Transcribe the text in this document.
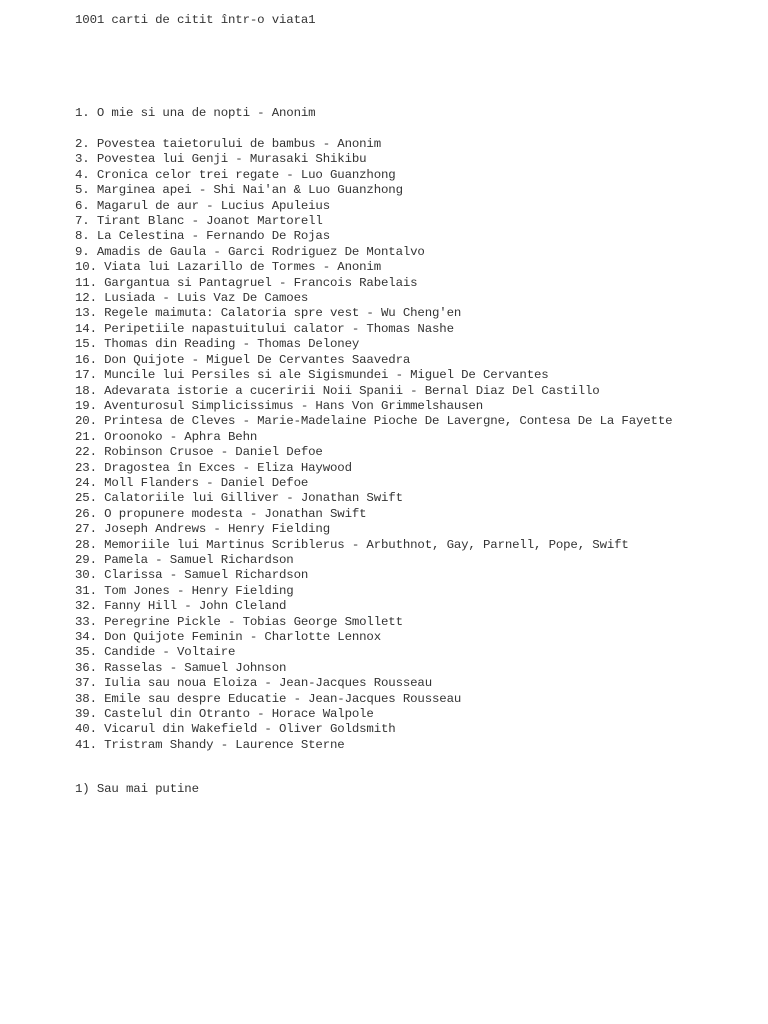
1001 carti de citit într-o viata1
1. O mie si una de nopti - Anonim
2. Povestea taietorului de bambus - Anonim
3. Povestea lui Genji - Murasaki Shikibu
4. Cronica celor trei regate - Luo Guanzhong
5. Marginea apei - Shi Nai'an & Luo Guanzhong
6. Magarul de aur - Lucius Apuleius
7. Tirant Blanc - Joanot Martorell
8. La Celestina - Fernando De Rojas
9. Amadis de Gaula - Garci Rodriguez De Montalvo
10. Viata lui Lazarillo de Tormes - Anonim
11. Gargantua si Pantagruel - Francois Rabelais
12. Lusiada - Luis Vaz De Camoes
13. Regele maimuta: Calatoria spre vest - Wu Cheng'en
14. Peripetiile napastuitului calator - Thomas Nashe
15. Thomas din Reading - Thomas Deloney
16. Don Quijote - Miguel De Cervantes Saavedra
17. Muncile lui Persiles si ale Sigismundei - Miguel De Cervantes
18. Adevarata istorie a cuceririi Noii Spanii - Bernal Diaz Del Castillo
19. Aventurosul Simplicissimus - Hans Von Grimmelshausen
20. Printesa de Cleves - Marie-Madelaine Pioche De Lavergne, Contesa De La Fayette
21. Oroonoko - Aphra Behn
22. Robinson Crusoe - Daniel Defoe
23. Dragostea în Exces - Eliza Haywood
24. Moll Flanders - Daniel Defoe
25. Calatoriile lui Gilliver - Jonathan Swift
26. O propunere modesta - Jonathan Swift
27. Joseph Andrews - Henry Fielding
28. Memoriile lui Martinus Scriblerus - Arbuthnot, Gay, Parnell, Pope, Swift
29. Pamela - Samuel Richardson
30. Clarissa - Samuel Richardson
31. Tom Jones - Henry Fielding
32. Fanny Hill - John Cleland
33. Peregrine Pickle - Tobias George Smollett
34. Don Quijote Feminin - Charlotte Lennox
35. Candide - Voltaire
36. Rasselas - Samuel Johnson
37. Iulia sau noua Eloiza - Jean-Jacques Rousseau
38. Emile sau despre Educatie - Jean-Jacques Rousseau
39. Castelul din Otranto - Horace Walpole
40. Vicarul din Wakefield - Oliver Goldsmith
41. Tristram Shandy - Laurence Sterne
1) Sau mai putine
